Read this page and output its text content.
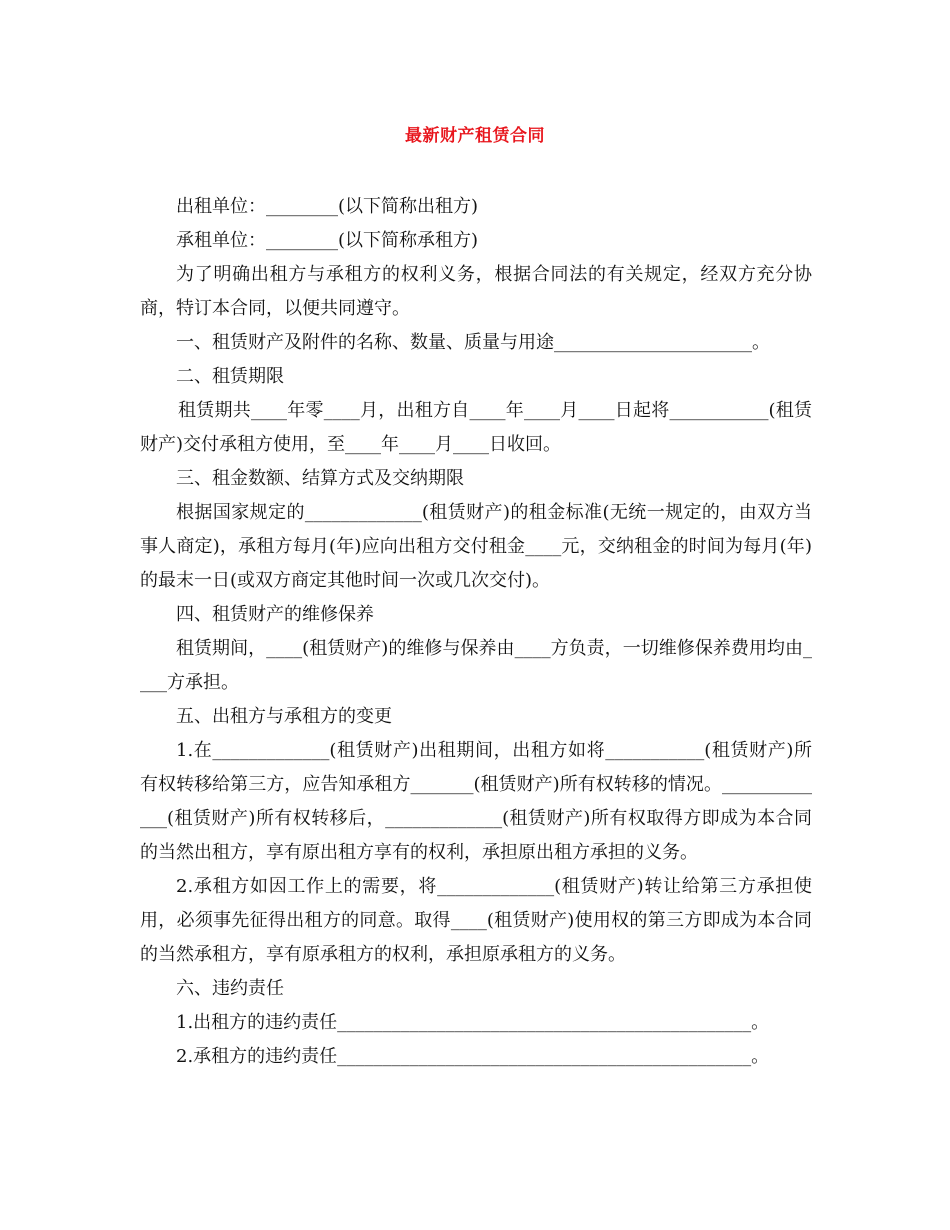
最新财产租赁合同

出租单位：________(以下简称出租方)

承租单位：________(以下简称承租方)

为了明确出租方与承租方的权利义务，根据合同法的有关规定，经双方充分协商，特订本合同，以便共同遵守。

一、租赁财产及附件的名称、数量、质量与用途______________________。

二、租赁期限

租赁期共____年零____月，出租方自____年____月____日起将___________(租赁财产)交付承租方使用，至____年____月____日收回。

三、租金数额、结算方式及交纳期限

根据国家规定的_____________(租赁财产)的租金标准(无统一规定的，由双方当事人商定)，承租方每月(年)应向出租方交付租金____元，交纳租金的时间为每月(年)的最末一日(或双方商定其他时间一次或几次交付)。

四、租赁财产的维修保养

租赁期间，____(租赁财产)的维修与保养由____方负责，一切维修保养费用均由____方承担。

五、出租方与承租方的变更

1.在_____________(租赁财产)出租期间，出租方如将___________(租赁财产)所有权转移给第三方，应告知承租方_______(租赁财产)所有权转移的情况。_____________(租赁财产)所有权转移后，_____________(租赁财产)所有权取得方即成为本合同的当然出租方，享有原出租方享有的权利，承担原出租方承担的义务。

2.承租方如因工作上的需要，将_____________(租赁财产)转让给第三方承担使用，必须事先征得出租方的同意。取得____(租赁财产)使用权的第三方即成为本合同的当然承租方，享有原承租方的权利，承担原承租方的义务。

六、违约责任

1.出租方的违约责任______________________________________________。

2.承租方的违约责任______________________________________________。
